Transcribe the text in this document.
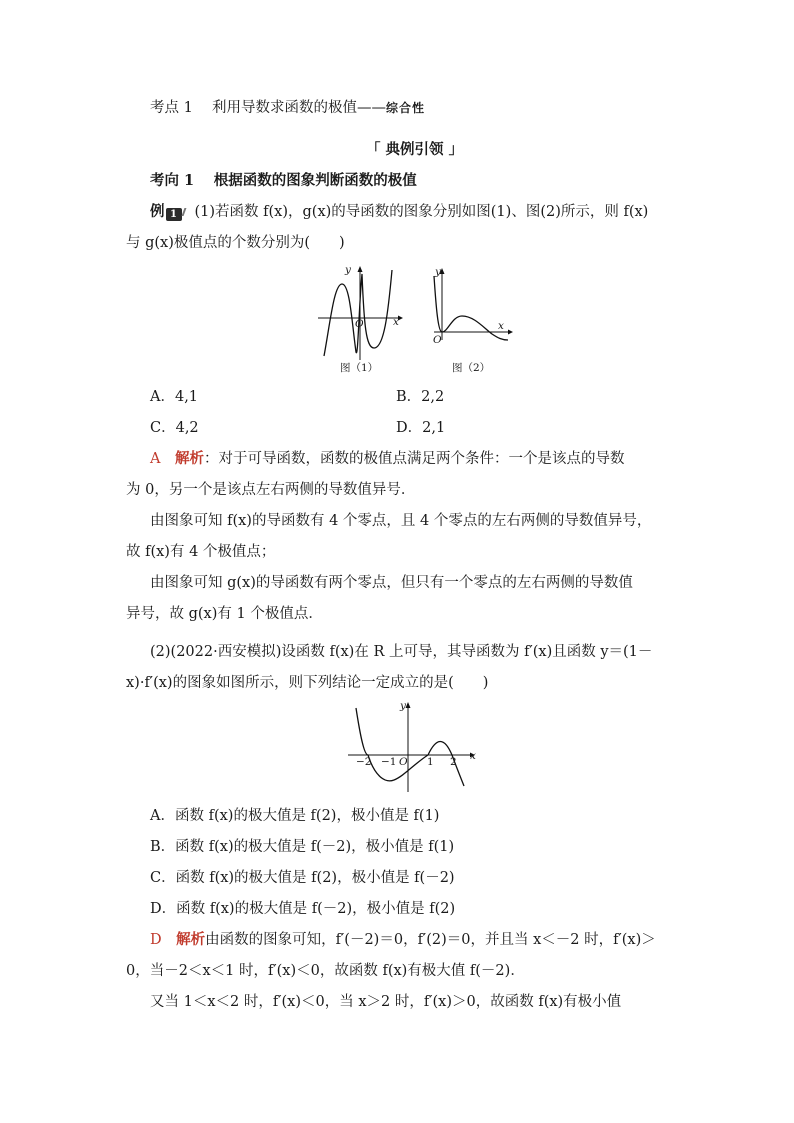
考点 1　 利用导数求函数的极值——综合性
「 典例引领 」
考向 1　 根据函数的图象判断函数的极值
例 1 (1)若函数 f(x)，g(x)的导函数的图象分别如图(1)、图(2)所示，则 f(x)
与 g(x)极值点的个数分别为(　　)
y
O	x
图（1）
y
O
x
图（2）
A．4,1	B．2,2
C．4,2	D．2,1
A　 解析：对于可导函数，函数的极值点满足两个条件：一个是该点的导数
为 0，另一个是该点左右两侧的导数值异号．
由图象可知 f(x)的导函数有 4 个零点，且 4 个零点的左右两侧的导数值异号，
故 f(x)有 4 个极值点；
由图象可知 g(x)的导函数有两个零点，但只有一个零点的左右两侧的导数值
异号，故 g(x)有 1 个极值点．
(2)(2022·西安模拟)设函数 f(x)在 R 上可导，其导函数为 f′(x)且函数 y＝(1－
x)·f′(x)的图象如图所示，则下列结论一定成立的是(　　)
y
x
−2 −1 O 1 2
A．函数 f(x)的极大值是 f(2)，极小值是 f(1)
B．函数 f(x)的极大值是 f(－2)，极小值是 f(1)
C．函数 f(x)的极大值是 f(2)，极小值是 f(－2)
D．函数 f(x)的极大值是 f(－2)，极小值是 f(2)
D　 解析由函数的图象可知，f′(－2)＝0，f′(2)＝0，并且当 x＜－2 时，f′(x)＞
0，当－2＜x＜1 时，f′(x)＜0，故函数 f(x)有极大值 f(－2)．
又当 1＜x＜2 时，f′(x)＜0，当 x＞2 时，f′(x)＞0，故函数 f(x)有极小值
